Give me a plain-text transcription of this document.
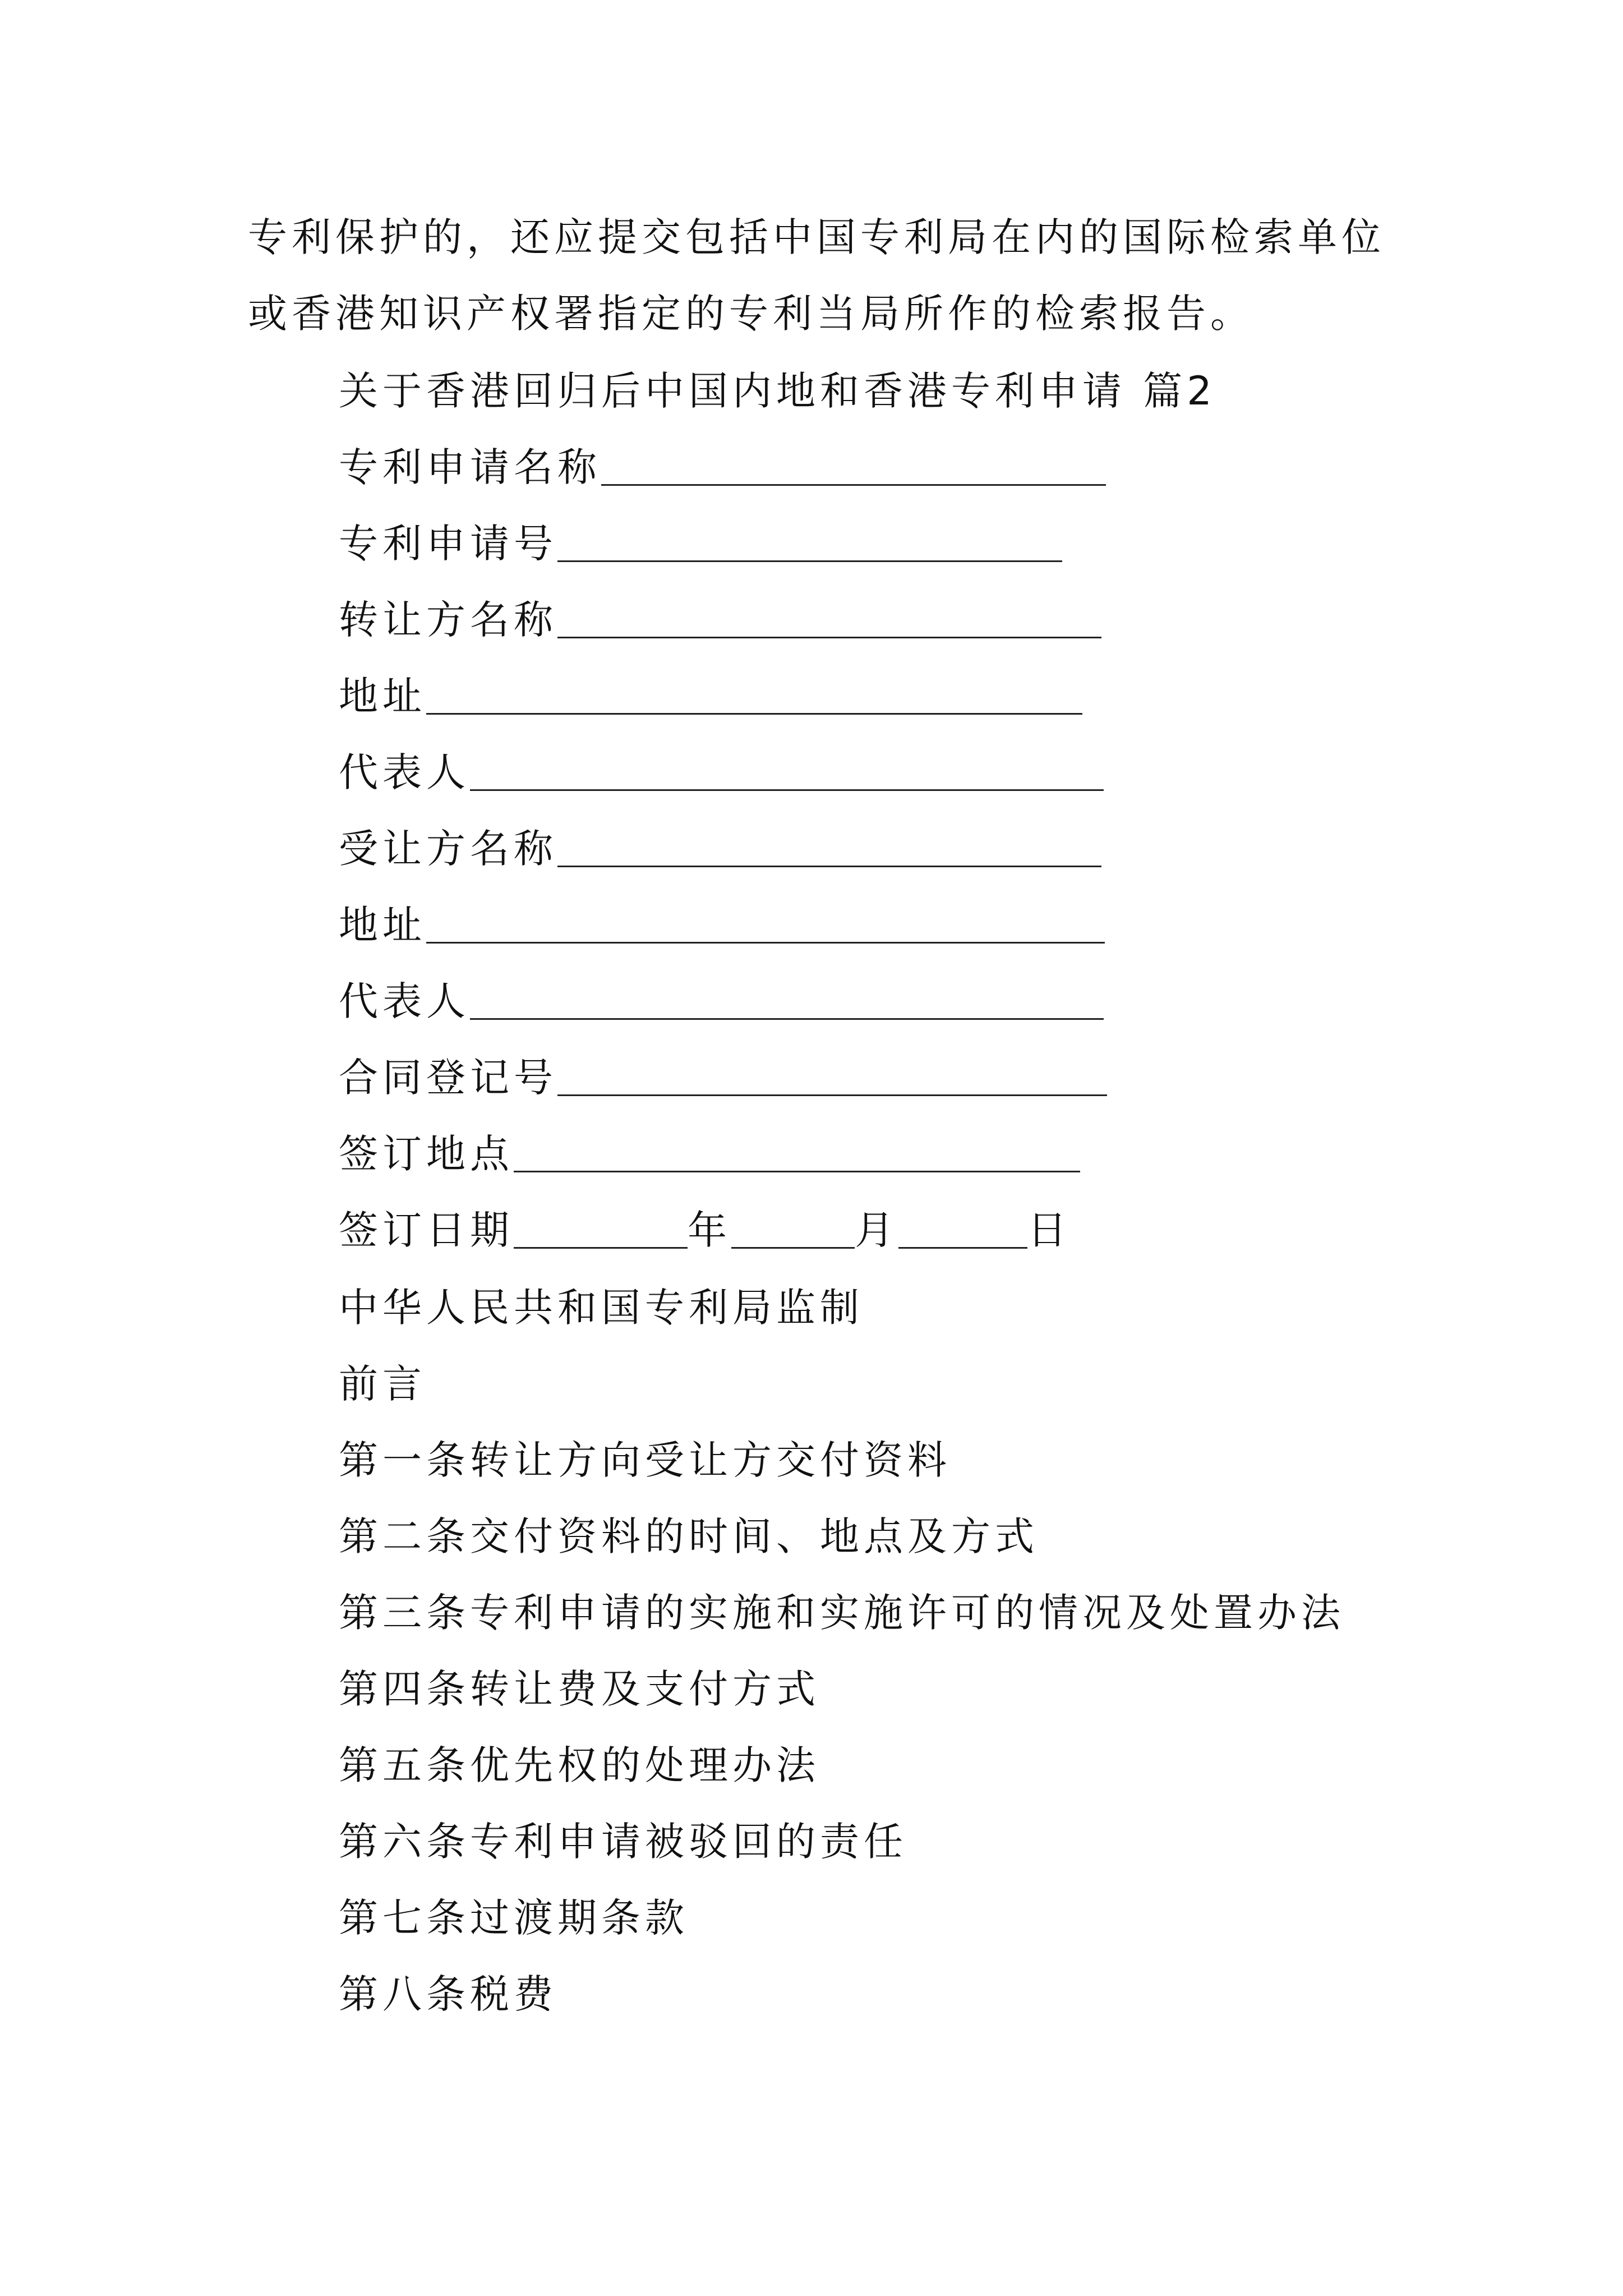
专利保护的，还应提交包括中国专利局在内的国际检索单位
或香港知识产权署指定的专利当局所作的检索报告。
关于香港回归后中国内地和香港专利申请 篇2
专利申请名称
专利申请号
转让方名称
地址
代表人
受让方名称
地址
代表人
合同登记号
签订地点
签订日期	年	月	日
中华人民共和国专利局监制
前言
第一条转让方向受让方交付资料
第二条交付资料的时间、地点及方式
第三条专利申请的实施和实施许可的情况及处置办法
第四条转让费及支付方式
第五条优先权的处理办法
第六条专利申请被驳回的责任
第七条过渡期条款
第八条税费
